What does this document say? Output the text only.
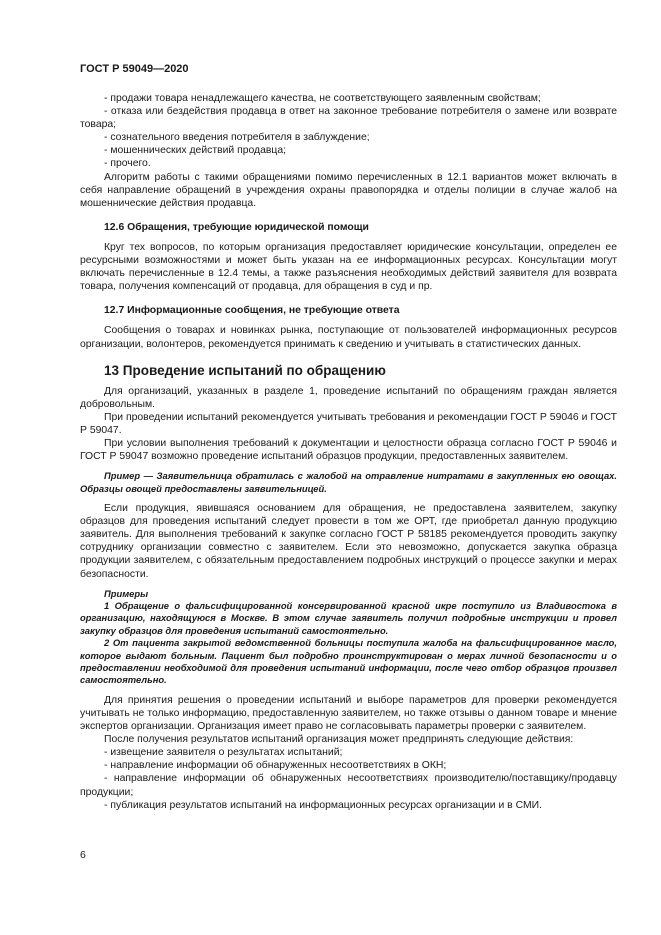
ГОСТ Р 59049—2020

- продажи товара ненадлежащего качества, не соответствующего заявленным свойствам;

- отказа или бездействия продавца в ответ на законное требование потребителя о замене или возврате товара;

- сознательного введения потребителя в заблуждение;

- мошеннических действий продавца;

- прочего.

Алгоритм работы с такими обращениями помимо перечисленных в 12.1 вариантов может включать в себя направление обращений в учреждения охраны правопорядка и отделы полиции в случае жалоб на мошеннические действия продавца.

12.6 Обращения, требующие юридической помощи

Круг тех вопросов, по которым организация предоставляет юридические консультации, определен ее ресурсными возможностями и может быть указан на ее информационных ресурсах. Консультации могут включать перечисленные в 12.4 темы, а также разъяснения необходимых действий заявителя для возврата товара, получения компенсаций от продавца, для обращения в суд и пр.

12.7 Информационные сообщения, не требующие ответа

Сообщения о товарах и новинках рынка, поступающие от пользователей информационных ресурсов организации, волонтеров, рекомендуется принимать к сведению и учитывать в статистических данных.

13 Проведение испытаний по обращению

Для организаций, указанных в разделе 1, проведение испытаний по обращениям граждан является добровольным.

При проведении испытаний рекомендуется учитывать требования и рекомендации ГОСТ Р 59046 и ГОСТ Р 59047.

При условии выполнения требований к документации и целостности образца согласно ГОСТ Р 59046 и ГОСТ Р 59047 возможно проведение испытаний образцов продукции, предоставленных заявителем.

Пример — Заявительница обратилась с жалобой на отравление нитратами в закупленных ею овощах. Образцы овощей предоставлены заявительницей.

Если продукция, явившаяся основанием для обращения, не предоставлена заявителем, закупку образцов для проведения испытаний следует провести в том же ОРТ, где приобретал данную продукцию заявитель. Для выполнения требований к закупке согласно ГОСТ Р 58185 рекомендуется проводить закупку сотруднику организации совместно с заявителем. Если это невозможно, допускается закупка образца продукции заявителем, с обязательным предоставлением подробных инструкций о процессе закупки и мерах безопасности.

Примеры

1 Обращение о фальсифицированной консервированной красной икре поступило из Владивостока в организацию, находящуюся в Москве. В этом случае заявитель получил подробные инструкции и провел закупку образцов для проведения испытаний самостоятельно.

2 От пациента закрытой ведомственной больницы поступила жалоба на фальсифицированное масло, которое выдают больным. Пациент был подробно проинструктирован о мерах личной безопасности и о предоставлении необходимой для проведения испытаний информации, после чего отбор образцов произвел самостоятельно.

Для принятия решения о проведении испытаний и выборе параметров для проверки рекомендуется учитывать не только информацию, предоставленную заявителем, но также отзывы о данном товаре и мнение экспертов организации. Организация имеет право не согласовывать параметры проверки с заявителем.

После получения результатов испытаний организация может предпринять следующие действия:

- извещение заявителя о результатах испытаний;

- направление информации об обнаруженных несоответствиях в ОКН;

- направление информации об обнаруженных несоответствиях производителю/поставщику/продавцу продукции;

- публикация результатов испытаний на информационных ресурсах организации и в СМИ.

6
